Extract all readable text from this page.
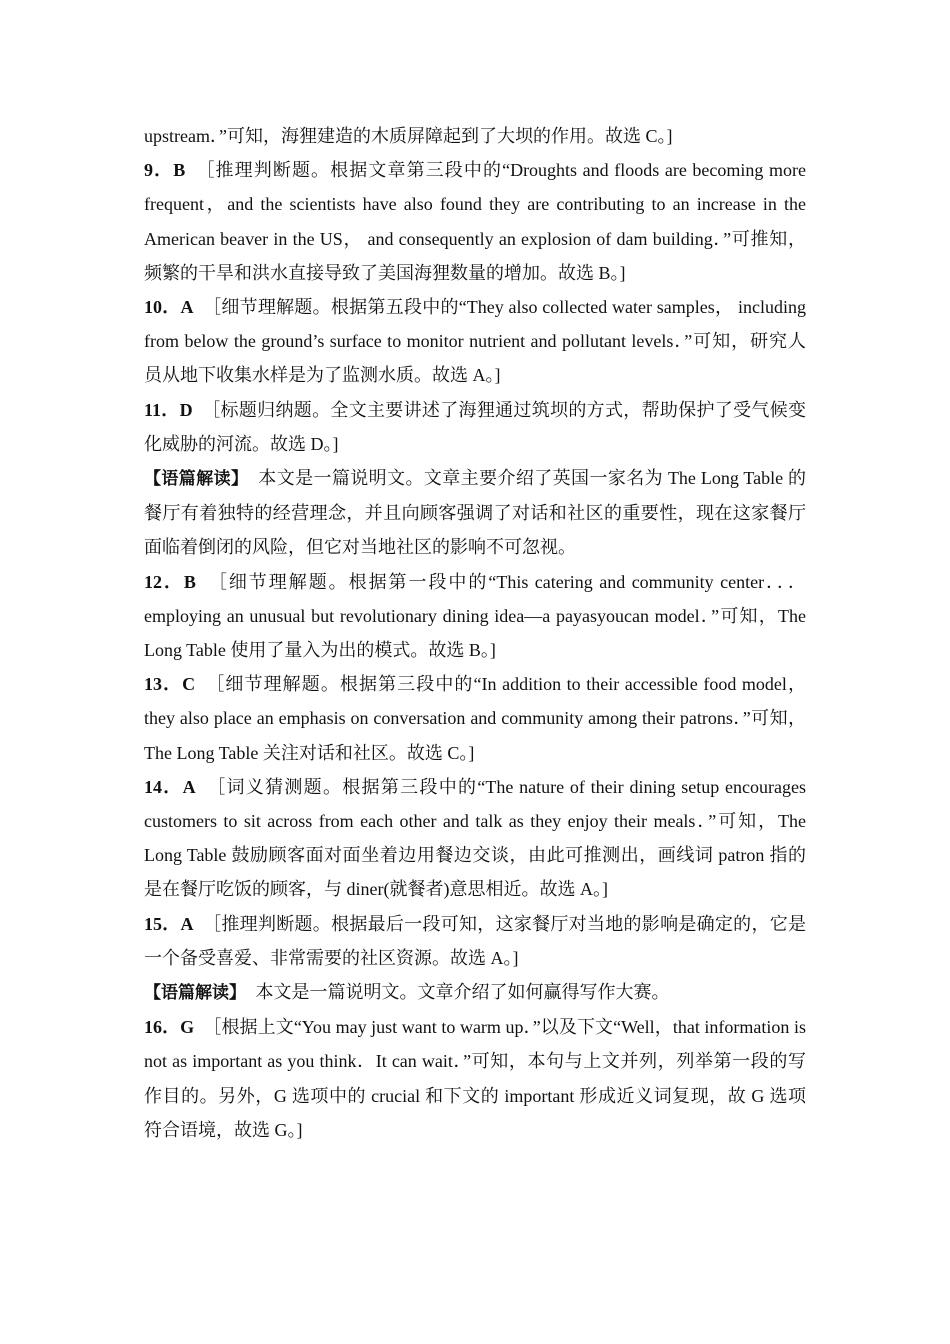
upstream．”可知，海狸建造的木质屏障起到了大坝的作用。故选 C。]

9．B　 ［推理判断题。根据文章第三段中的“Droughts and floods are becoming more frequent，and the scientists have also found they are contributing to an increase in the American beaver in the US， and consequently an explosion of dam building．”可推知，频繁的干旱和洪水直接导致了美国海狸数量的增加。故选 B。]

10．A　 ［细节理解题。根据第五段中的“They also collected water samples， including from below the ground’s surface to monitor nutrient and pollutant levels．”可知，研究人员从地下收集水样是为了监测水质。故选 A。]

11．D　 ［标题归纳题。全文主要讲述了海狸通过筑坝的方式，帮助保护了受气候变化威胁的河流。故选 D。]

【语篇解读】　 本文是一篇说明文。文章主要介绍了英国一家名为 The Long Table 的餐厅有着独特的经营理念，并且向顾客强调了对话和社区的重要性，现在这家餐厅面临着倒闭的风险，但它对当地社区的影响不可忽视。

12．B　 ［细节理解题。根据第一段中的“This catering and community center．．．employing an unusual but revolutionary dining idea—a payasyoucan model．”可知，The Long Table 使用了量入为出的模式。故选 B。]

13．C　 ［细节理解题。根据第三段中的“In addition to their accessible food model， they also place an emphasis on conversation and community among their patrons．”可知，The Long Table 关注对话和社区。故选 C。]

14．A　 ［词义猜测题。根据第三段中的“The nature of their dining setup encourages customers to sit across from each other and talk as they enjoy their meals．”可知，The Long Table 鼓励顾客面对面坐着边用餐边交谈，由此可推测出，画线词 patron 指的是在餐厅吃饭的顾客，与 diner(就餐者)意思相近。故选 A。]

15．A　 ［推理判断题。根据最后一段可知，这家餐厅对当地的影响是确定的，它是一个备受喜爱、非常需要的社区资源。故选 A。]

【语篇解读】　 本文是一篇说明文。文章介绍了如何赢得写作大赛。

16．G　 ［根据上文“You may just want to warm up．”以及下文“Well，that information is not as important as you think．It can wait．”可知，本句与上文并列，列举第一段的写作目的。另外，G 选项中的 crucial 和下文的 important 形成近义词复现，故 G 选项符合语境，故选 G。]
